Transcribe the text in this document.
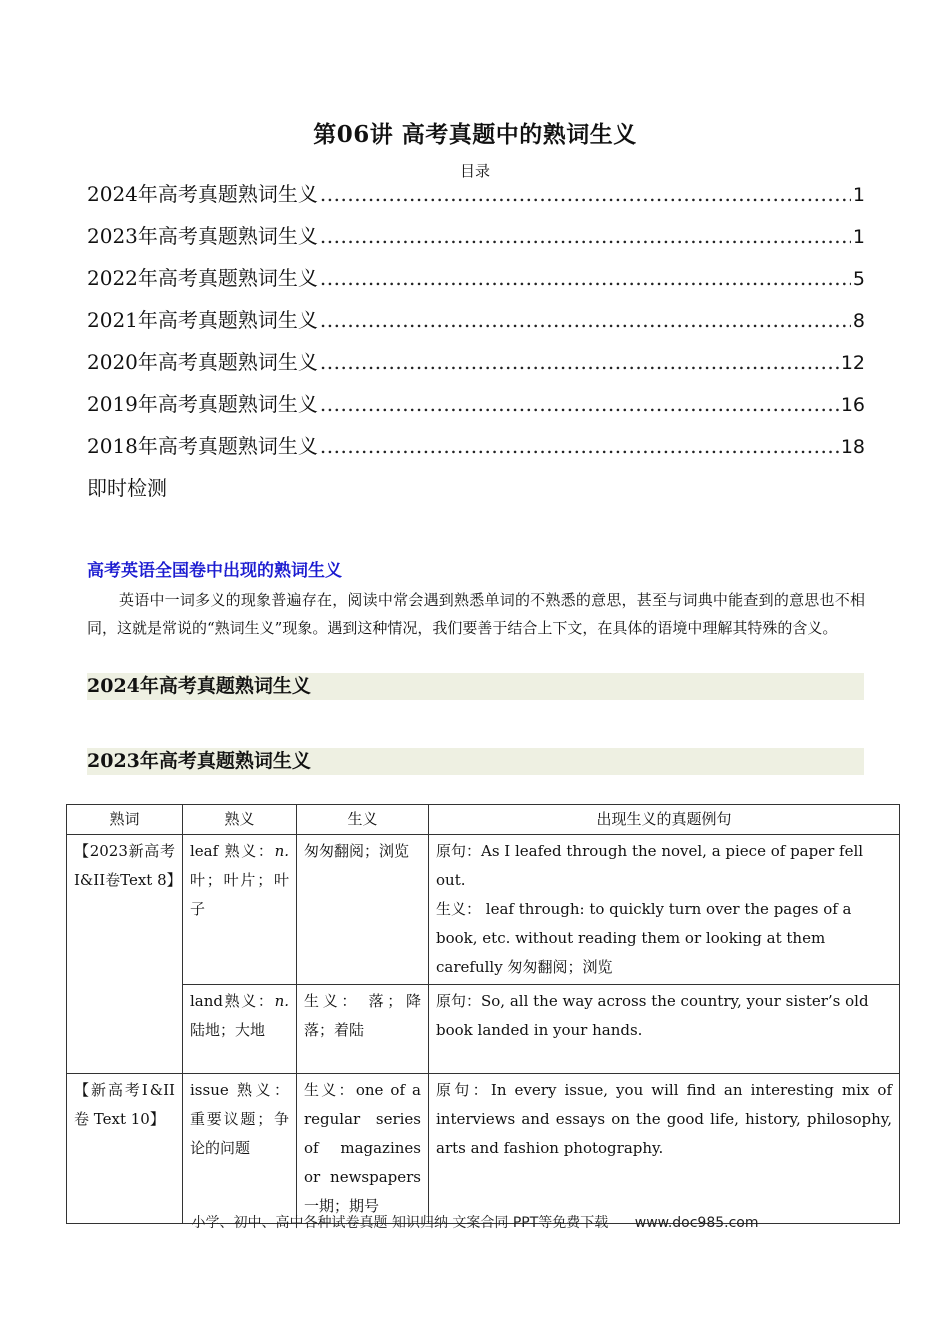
第06讲 高考真题中的熟词生义
目录
2024年高考真题熟词生义 .....	1
2023年高考真题熟词生义 .....	1
2022年高考真题熟词生义 .....	5
2021年高考真题熟词生义 .....	8
2020年高考真题熟词生义 .....	12
2019年高考真题熟词生义 .....	16
2018年高考真题熟词生义 .....	18
即时检测
高考英语全国卷中出现的熟词生义

英语中一词多义的现象普遍存在，阅读中常会遇到熟悉单词的不熟悉的意思，甚至与词典中能查到的意思也不相同，这就是常说的“熟词生义”现象。遇到这种情况，我们要善于结合上下文，在具体的语境中理解其特殊的含义。

2024年高考真题熟词生义
2023年高考真题熟词生义
熟词	熟义	生义	出现生义的真题例句
【2023新高考Ⅰ&II卷Text 8】	leaf 熟义：n.叶；叶片；叶子	匆匆翻阅；浏览	原句：As I leafed through the novel, a piece of paper fell out.
生义： leaf through: to quickly turn over the pages of a book, etc. without reading them or looking at them carefully 匆匆翻阅；浏览

	land熟义：n.陆地；大地	生义： 落；降落；着陆	原句：So, all the way across the country, your sister’s old book landed in your hands.

【新高考Ⅰ&II卷 Text 10】	issue 熟义：重要议题；争论的问题	生义：one of a regular series of magazines or newspapers 一期；期号	原句：In every issue, you will find an interesting mix of interviews and essays on the good life, history, philosophy, arts and fashion photography.
小学、初中、高中各种试卷真题 知识归纳 文案合同 PPT等免费下载 www.doc985.com
